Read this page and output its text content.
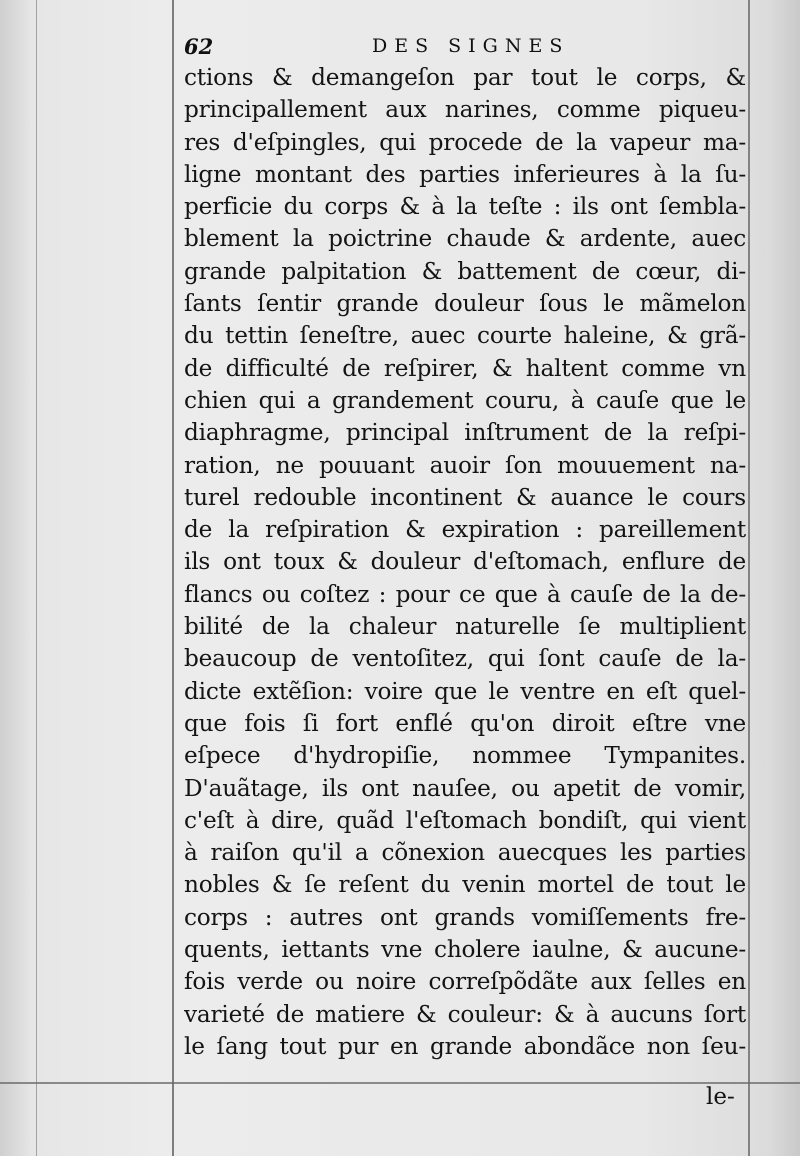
62	DES SIGNES
ctions & demangeſon par tout le corps, &
principallement aux narines, comme piqueu-
res d'eſpingles, qui procede de la vapeur ma-
ligne montant des parties inferieures à la ſu-
perficie du corps & à la teſte : ils ont ſembla-
blement la poictrine chaude & ardente, auec
grande palpitation & battement de cœur, di-
ſants ſentir grande douleur ſous le mãmelon
du tettin ſeneſtre, auec courte haleine, & grã-
de difficulté de reſpirer, & haltent comme vn
chien qui a grandement couru, à cauſe que le
diaphragme, principal inſtrument de la reſpi-
ration, ne pouuant auoir ſon mouuement na-
turel redouble incontinent & auance le cours
de la reſpiration & expiration : pareillement
ils ont toux & douleur d'eſtomach, enflure de
flancs ou coſtez : pour ce que à cauſe de la de-
bilité de la chaleur naturelle ſe multiplient
beaucoup de ventoſitez, qui ſont cauſe de la-
dicte extẽſion: voire que le ventre en eſt quel-
que fois ſi fort enflé qu'on diroit eſtre vne
eſpece d'hydropiſie, nommee Tympanites.
D'auãtage, ils ont nauſee, ou apetit de vomir,
c'eſt à dire, quãd l'eſtomach bondiſt, qui vient
à raiſon qu'il a cõnexion auecques les parties
nobles & ſe reſent du venin mortel de tout le
corps : autres ont grands vomiſſements fre-
quents, iettants vne cholere iaulne, & aucune-
fois verde ou noire correſpõdãte aux ſelles en
varieté de matiere & couleur: & à aucuns ſort
le ſang tout pur en grande abondãce non ſeu-
le-
